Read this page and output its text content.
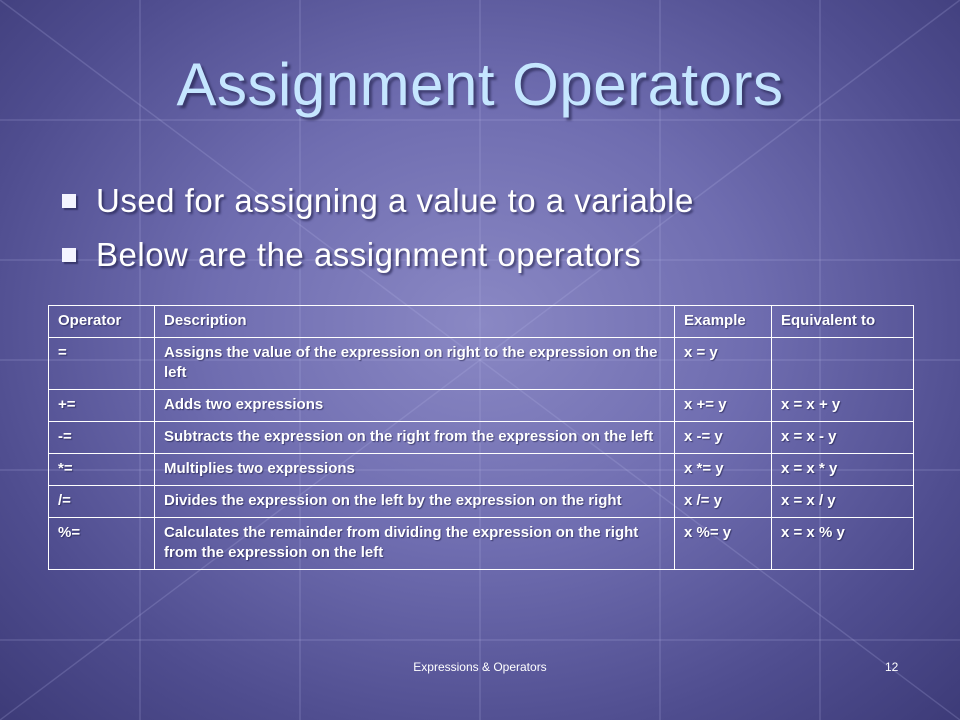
Assignment Operators
Used for assigning a value to a variable
Below are the assignment operators
Operator	Description	Example	Equivalent to
=	Assigns the value of the expression on right to the expression on the left	x = y	
+=	Adds two expressions	x += y	x = x + y
-=	Subtracts the expression on the right from the expression on the left	x -= y	x = x - y
*=	Multiplies two expressions	x *= y	x = x * y
/=	Divides the expression on the left by the expression on the right	x /= y	x = x / y
%=	Calculates the remainder from dividing the expression on the right from the expression on the left	x %= y	x = x % y
Expressions & Operators	12
